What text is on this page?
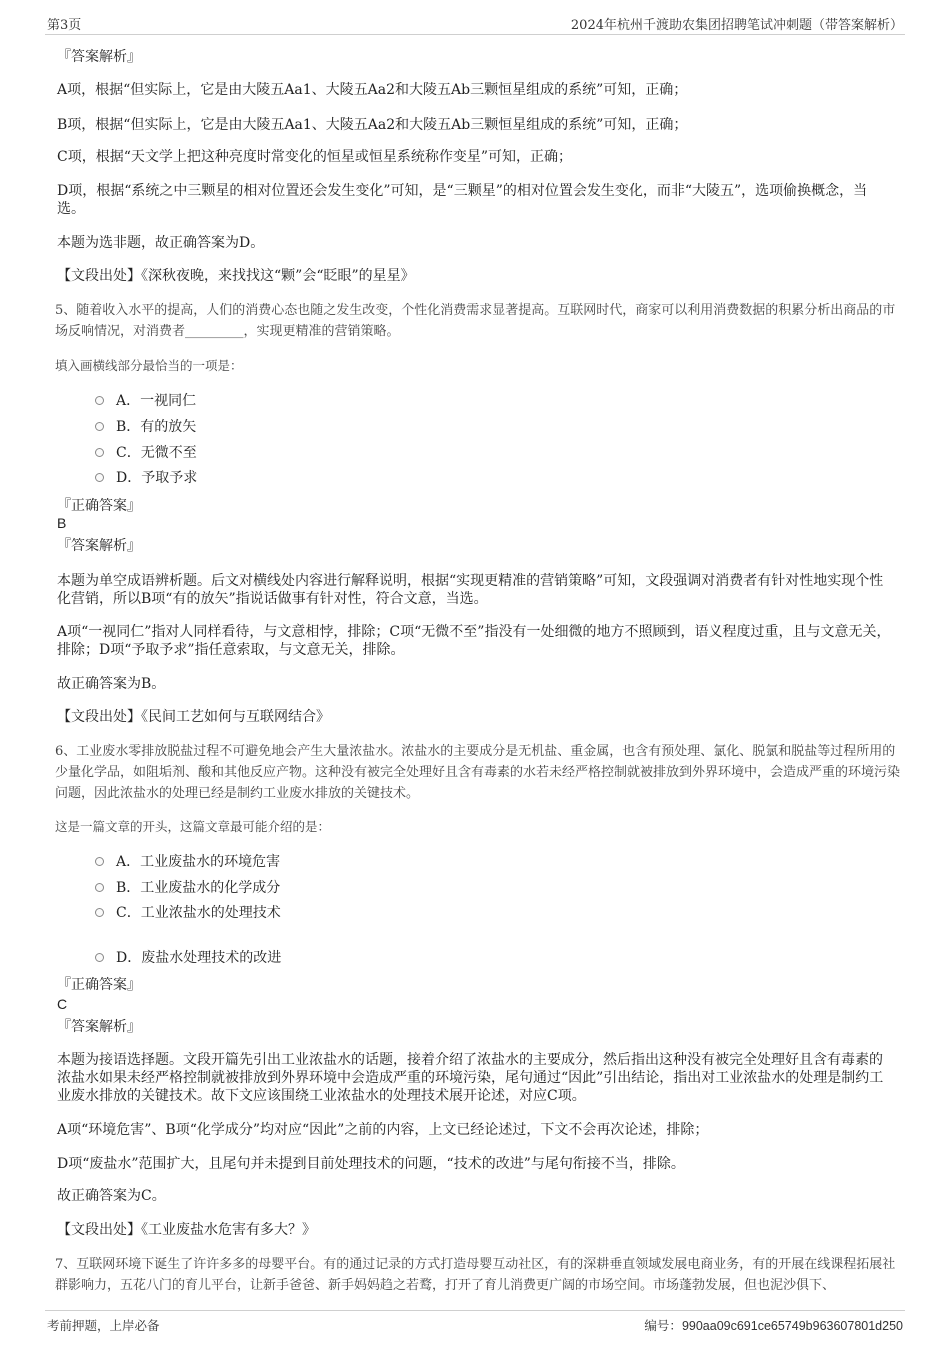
第3页	2024年杭州千渡助农集团招聘笔试冲刺题（带答案解析）
『答案解析』
A项，根据“但实际上，它是由大陵五Aa1、大陵五Aa2和大陵五Ab三颗恒星组成的系统”可知，正确；
B项，根据“但实际上，它是由大陵五Aa1、大陵五Aa2和大陵五Ab三颗恒星组成的系统”可知，正确；
C项，根据“天文学上把这种亮度时常变化的恒星或恒星系统称作变星”可知，正确；
D项，根据“系统之中三颗星的相对位置还会发生变化”可知，是“三颗星”的相对位置会发生变化，而非“大陵五”，选项偷换概念，当选。
本题为选非题，故正确答案为D。
【文段出处】《深秋夜晚，来找找这“颗”会“眨眼”的星星》
5、随着收入水平的提高，人们的消费心态也随之发生改变，个性化消费需求显著提高。互联网时代，商家可以利用消费数据的积累分析出商品的市场反响情况，对消费者_________，实现更精准的营销策略。
填入画横线部分最恰当的一项是：
A．一视同仁
B．有的放矢
C．无微不至
D．予取予求
『正确答案』
B
『答案解析』
本题为单空成语辨析题。后文对横线处内容进行解释说明，根据“实现更精准的营销策略”可知，文段强调对消费者有针对性地实现个性化营销，所以B项“有的放矢”指说话做事有针对性，符合文意，当选。
A项“一视同仁”指对人同样看待，与文意相悖，排除；C项“无微不至”指没有一处细微的地方不照顾到，语义程度过重，且与文意无关，排除；D项“予取予求”指任意索取，与文意无关，排除。
故正确答案为B。
【文段出处】《民间工艺如何与互联网结合》
6、工业废水零排放脱盐过程不可避免地会产生大量浓盐水。浓盐水的主要成分是无机盐、重金属，也含有预处理、氯化、脱氯和脱盐等过程所用的少量化学品，如阻垢剂、酸和其他反应产物。这种没有被完全处理好且含有毒素的水若未经严格控制就被排放到外界环境中，会造成严重的环境污染问题，因此浓盐水的处理已经是制约工业废水排放的关键技术。
这是一篇文章的开头，这篇文章最可能介绍的是：
A．工业废盐水的环境危害
B．工业废盐水的化学成分
C．工业浓盐水的处理技术
D．废盐水处理技术的改进
『正确答案』
C
『答案解析』
本题为接语选择题。文段开篇先引出工业浓盐水的话题，接着介绍了浓盐水的主要成分，然后指出这种没有被完全处理好且含有毒素的浓盐水如果未经严格控制就被排放到外界环境中会造成严重的环境污染，尾句通过“因此”引出结论，指出对工业浓盐水的处理是制约工业废水排放的关键技术。故下文应该围绕工业浓盐水的处理技术展开论述，对应C项。
A项“环境危害”、B项“化学成分”均对应“因此”之前的内容，上文已经论述过，下文不会再次论述，排除；
D项“废盐水”范围扩大，且尾句并未提到目前处理技术的问题，“技术的改进”与尾句衔接不当，排除。
故正确答案为C。
【文段出处】《工业废盐水危害有多大？》
7、互联网环境下诞生了许许多多的母婴平台。有的通过记录的方式打造母婴互动社区，有的深耕垂直领域发展电商业务，有的开展在线课程拓展社群影响力，五花八门的育儿平台，让新手爸爸、新手妈妈趋之若鹜，打开了育儿消费更广阔的市场空间。市场蓬勃发展，但也泥沙俱下、
考前押题，上岸必备	编号：990aa09c691ce65749b963607801d250
